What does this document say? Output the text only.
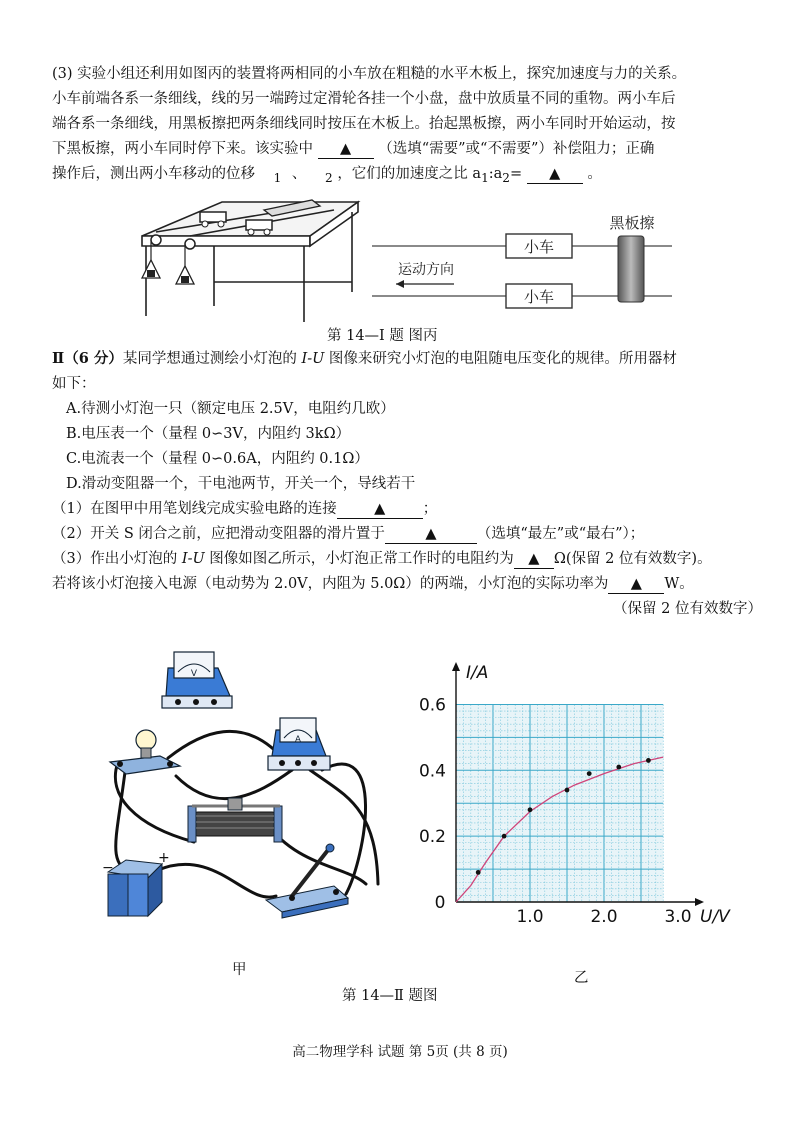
(3) 实验小组还利用如图丙的装置将两相同的小车放在粗糙的水平木板上，探究加速度与力的关系。
小车前端各系一条细线，线的另一端跨过定滑轮各挂一个小盘，盘中放质量不同的重物。两小车后
端各系一条细线，用黑板擦把两条细线同时按压在木板上。抬起黑板擦，两小车同时开始运动，按
下黑板擦，两小车同时停下来。该实验中 ▲ （选填“需要”或“不需要”）补偿阻力；正确
操作后，测出两小车移动的位移 $_1$ 、 $_2$ ，它们的加速度之比 $a_1:a_2=$ ▲ 。
小车
小车
黑板擦
运动方向
第 14—Ⅰ 题 图丙
Ⅱ（6 分）某同学想通过测绘小灯泡的 I-U 图像来研究小灯泡的电阻随电压变化的规律。所用器材
如下：
A.待测小灯泡一只（额定电压 2.5V，电阻约几欧）
B.电压表一个（量程 0∽3V，内阻约 3kΩ）
C.电流表一个（量程 0∽0.6A，内阻约 0.1Ω）
D.滑动变阻器一个，干电池两节，开关一个，导线若干
（1）在图甲中用笔划线完成实验电路的连接	▲	；
（2）开关 S 闭合之前，应把滑动变阻器的滑片置于	▲	（选填“最左”或“最右”）；
（3）作出小灯泡的 I-U 图像如图乙所示，小灯泡正常工作时的电阻约为 ▲ Ω(保留 2 位有效数字)。
若将该小灯泡接入电源（电动势为 2.0V，内阻为 5.0Ω）的两端，小灯泡的实际功率为 ▲ W。
（保留 2 位有效数字）
V
A
−
+
甲
1.0	2.0	3.0
0.2
0.4
0.6
0
I/A
U/V
乙
第 14—Ⅱ 题图
高二物理学科 试题 第 5页 (共 8 页)
